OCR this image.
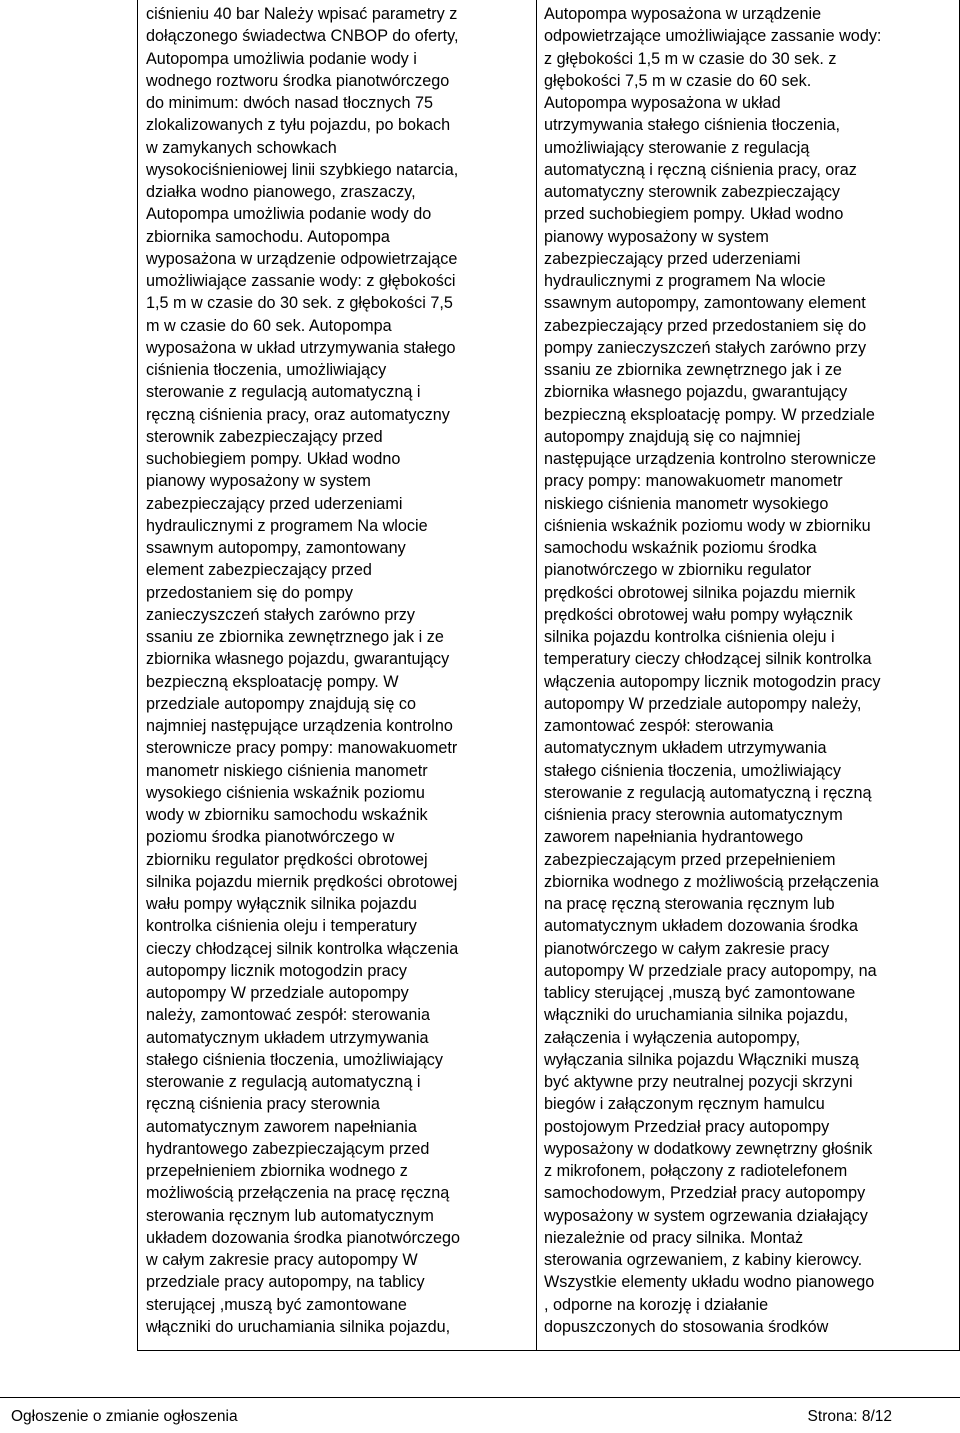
ciśnieniu 40 bar Należy wpisać parametry z
dołączonego świadectwa CNBOP do oferty,
Autopompa umożliwia podanie wody i
wodnego roztworu środka pianotwórczego
do minimum: dwóch nasad tłocznych 75
zlokalizowanych z tyłu pojazdu, po bokach
w zamykanych schowkach
wysokociśnieniowej linii szybkiego natarcia,
działka wodno pianowego, zraszaczy,
Autopompa umożliwia podanie wody do
zbiornika samochodu. Autopompa
wyposażona w urządzenie odpowietrzające
umożliwiające zassanie wody: z głębokości
1,5 m w czasie do 30 sek. z głębokości 7,5
m w czasie do 60 sek. Autopompa
wyposażona w układ utrzymywania stałego
ciśnienia tłoczenia, umożliwiający
sterowanie z regulacją automatyczną i
ręczną ciśnienia pracy, oraz automatyczny
sterownik zabezpieczający przed
suchobiegiem pompy. Układ wodno
pianowy wyposażony w system
zabezpieczający przed uderzeniami
hydraulicznymi z programem Na wlocie
ssawnym autopompy, zamontowany
element zabezpieczający przed
przedostaniem się do pompy
zanieczyszczeń stałych zarówno przy
ssaniu ze zbiornika zewnętrznego jak i ze
zbiornika własnego pojazdu, gwarantujący
bezpieczną eksploatację pompy. W
przedziale autopompy znajdują się co
najmniej następujące urządzenia kontrolno
sterownicze pracy pompy: manowakuometr
manometr niskiego ciśnienia manometr
wysokiego ciśnienia wskaźnik poziomu
wody w zbiorniku samochodu wskaźnik
poziomu środka pianotwórczego w
zbiorniku regulator prędkości obrotowej
silnika pojazdu miernik prędkości obrotowej
wału pompy wyłącznik silnika pojazdu
kontrolka ciśnienia oleju i temperatury
cieczy chłodzącej silnik kontrolka włączenia
autopompy licznik motogodzin pracy
autopompy W przedziale autopompy
należy, zamontować zespół: sterowania
automatycznym układem utrzymywania
stałego ciśnienia tłoczenia, umożliwiający
sterowanie z regulacją automatyczną i
ręczną ciśnienia pracy sterownia
automatycznym zaworem napełniania
hydrantowego zabezpieczającym przed
przepełnieniem zbiornika wodnego z
możliwością przełączenia na pracę ręczną
sterowania ręcznym lub automatycznym
układem dozowania środka pianotwórczego
w całym zakresie pracy autopompy W
przedziale pracy autopompy, na tablicy
sterującej ,muszą być zamontowane
włączniki do uruchamiania silnika pojazdu,
Autopompa wyposażona w urządzenie
odpowietrzające umożliwiające zassanie wody:
z głębokości 1,5 m w czasie do 30 sek. z
głębokości 7,5 m w czasie do 60 sek.
Autopompa wyposażona w układ
utrzymywania stałego ciśnienia tłoczenia,
umożliwiający sterowanie z regulacją
automatyczną i ręczną ciśnienia pracy, oraz
automatyczny sterownik zabezpieczający
przed suchobiegiem pompy. Układ wodno
pianowy wyposażony w system
zabezpieczający przed uderzeniami
hydraulicznymi z programem Na wlocie
ssawnym autopompy, zamontowany element
zabezpieczający przed przedostaniem się do
pompy zanieczyszczeń stałych zarówno przy
ssaniu ze zbiornika zewnętrznego jak i ze
zbiornika własnego pojazdu, gwarantujący
bezpieczną eksploatację pompy. W przedziale
autopompy znajdują się co najmniej
następujące urządzenia kontrolno sterownicze
pracy pompy: manowakuometr manometr
niskiego ciśnienia manometr wysokiego
ciśnienia wskaźnik poziomu wody w zbiorniku
samochodu wskaźnik poziomu środka
pianotwórczego w zbiorniku regulator
prędkości obrotowej silnika pojazdu miernik
prędkości obrotowej wału pompy wyłącznik
silnika pojazdu kontrolka ciśnienia oleju i
temperatury cieczy chłodzącej silnik kontrolka
włączenia autopompy licznik motogodzin pracy
autopompy W przedziale autopompy należy,
zamontować zespół: sterowania
automatycznym układem utrzymywania
stałego ciśnienia tłoczenia, umożliwiający
sterowanie z regulacją automatyczną i ręczną
ciśnienia pracy sterownia automatycznym
zaworem napełniania hydrantowego
zabezpieczającym przed przepełnieniem
zbiornika wodnego z możliwością przełączenia
na pracę ręczną sterowania ręcznym lub
automatycznym układem dozowania środka
pianotwórczego w całym zakresie pracy
autopompy W przedziale pracy autopompy, na
tablicy sterującej ,muszą być zamontowane
włączniki do uruchamiania silnika pojazdu,
załączenia i wyłączenia autopompy,
wyłączania silnika pojazdu Włączniki muszą
być aktywne przy neutralnej pozycji skrzyni
biegów i załączonym ręcznym hamulcu
postojowym Przedział pracy autopompy
wyposażony w dodatkowy zewnętrzny głośnik
z mikrofonem, połączony z radiotelefonem
samochodowym, Przedział pracy autopompy
wyposażony w system ogrzewania działający
niezależnie od pracy silnika. Montaż
sterowania ogrzewaniem, z kabiny kierowcy.
Wszystkie elementy układu wodno pianowego
, odporne na korozję i działanie
dopuszczonych do stosowania środków
Ogłoszenie o zmianie ogłoszenia	Strona: 8/12
